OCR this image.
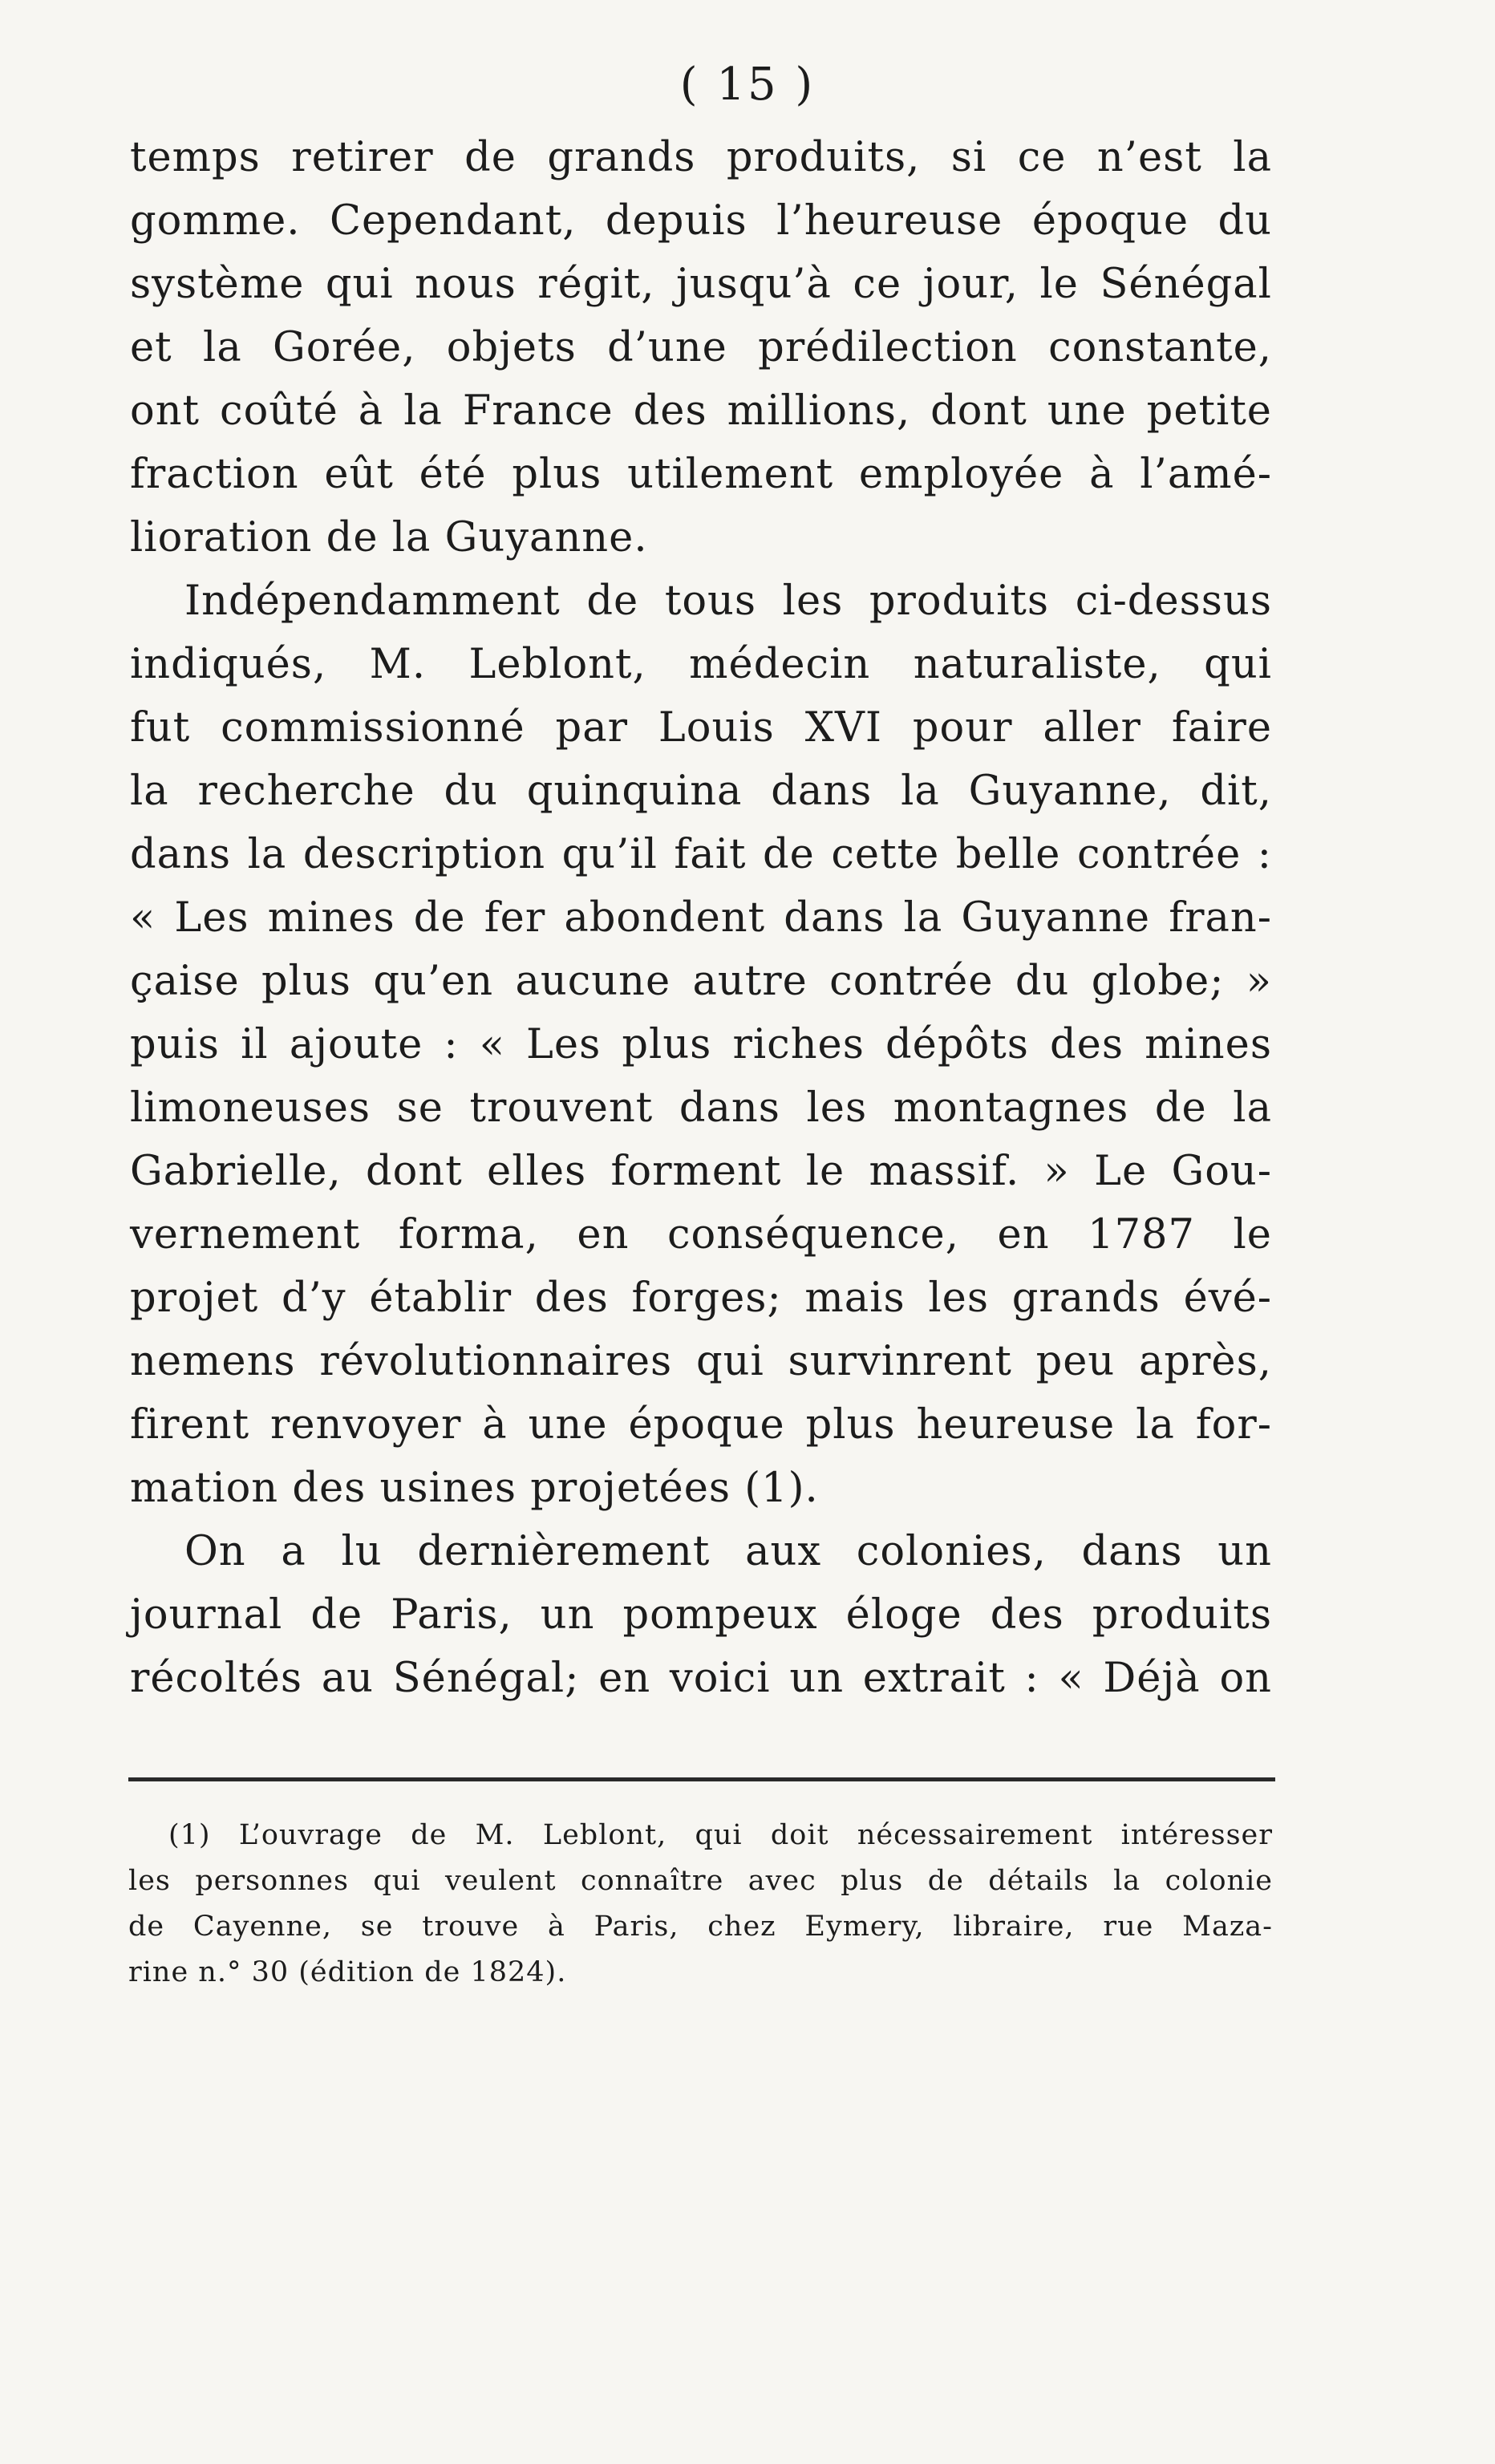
( 15 )
temps retirer de grands produits, si ce n’est la
gomme. Cependant, depuis l’heureuse époque du
système qui nous régit, jusqu’à ce jour, le Sénégal
et la Gorée, objets d’une prédilection constante,
ont coûté à la France des millions, dont une petite
fraction eût été plus utilement employée à l’amé-
lioration de la Guyanne.
Indépendamment de tous les produits ci-dessus
indiqués, M. Leblont, médecin naturaliste, qui
fut commissionné par Louis XVI pour aller faire
la recherche du quinquina dans la Guyanne, dit,
dans la description qu’il fait de cette belle contrée :
« Les mines de fer abondent dans la Guyanne fran-
çaise plus qu’en aucune autre contrée du globe; »
puis il ajoute : « Les plus riches dépôts des mines
limoneuses se trouvent dans les montagnes de la
Gabrielle, dont elles forment le massif. » Le Gou-
vernement forma, en conséquence, en 1787 le
projet d’y établir des forges; mais les grands évé-
nemens révolutionnaires qui survinrent peu après,
firent renvoyer à une époque plus heureuse la for-
mation des usines projetées (1).
On a lu dernièrement aux colonies, dans un
journal de Paris, un pompeux éloge des produits
récoltés au Sénégal; en voici un extrait : « Déjà on
(1) L’ouvrage de M. Leblont, qui doit nécessairement intéresser
les personnes qui veulent connaître avec plus de détails la colonie
de Cayenne, se trouve à Paris, chez Eymery, libraire, rue Maza-
rine n.° 30 (édition de 1824).
